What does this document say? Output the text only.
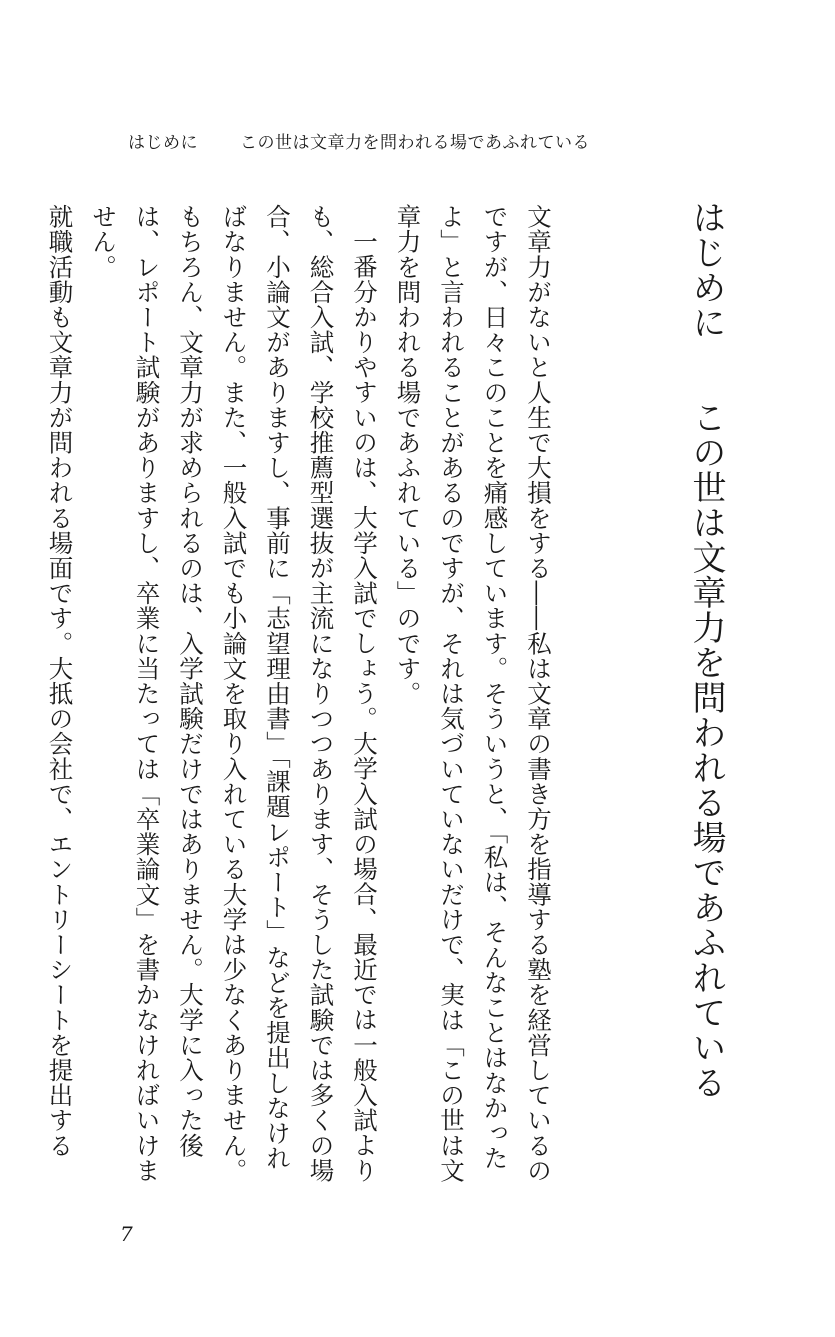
はじめに この世は文章力を問われる場であふれている
はじめにこの世は文章力を問われる場であふれている

文章力がないと人生で大損をする――私は文章の書き方を指導する塾を経営しているのですが、日々このことを痛感しています。そういうと、「私は、そんなことはなかったよ」と言われることがあるのですが、それは気づいていないだけで、実は「この世は文章力を問われる場であふれている」のです。

一番分かりやすいのは、大学入試でしょう。大学入試の場合、最近では一般入試よりも、総合入試、学校推薦型選抜が主流になりつつあります、そうした試験では多くの場合、小論文がありますし、事前に「志望理由書」「課題レポート」などを提出しなければなりません。また、一般入試でも小論文を取り入れている大学は少なくありません。

もちろん、文章力が求められるのは、入学試験だけではありません。大学に入った後は、レポート試験がありますし、卒業に当たっては「卒業論文」を書かなければいけません。

就職活動も文章力が問われる場面です。大抵の会社で、エントリーシートを提出する

7
